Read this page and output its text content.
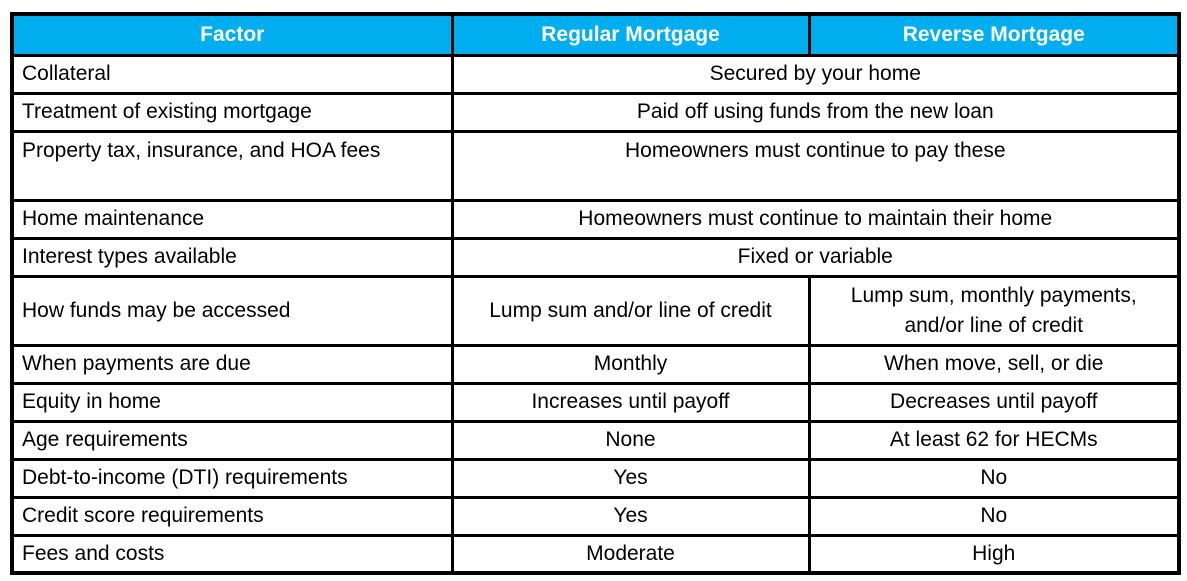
Factor	Regular Mortgage	Reverse Mortgage
Collateral	Secured by your home	
Treatment of existing mortgage	Paid off using funds from the new loan	
Property tax, insurance, and HOA fees	Homeowners must continue to pay these	
Home maintenance	Homeowners must continue to maintain their home	
Interest types available	Fixed or variable	
How funds may be accessed	Lump sum and/or line of credit	Lump sum, monthly payments, and/or line of credit
When payments are due	Monthly	When move, sell, or die
Equity in home	Increases until payoff	Decreases until payoff
Age requirements	None	At least 62 for HECMs
Debt-to-income (DTI) requirements	Yes	No
Credit score requirements	Yes	No
Fees and costs	Moderate	High
